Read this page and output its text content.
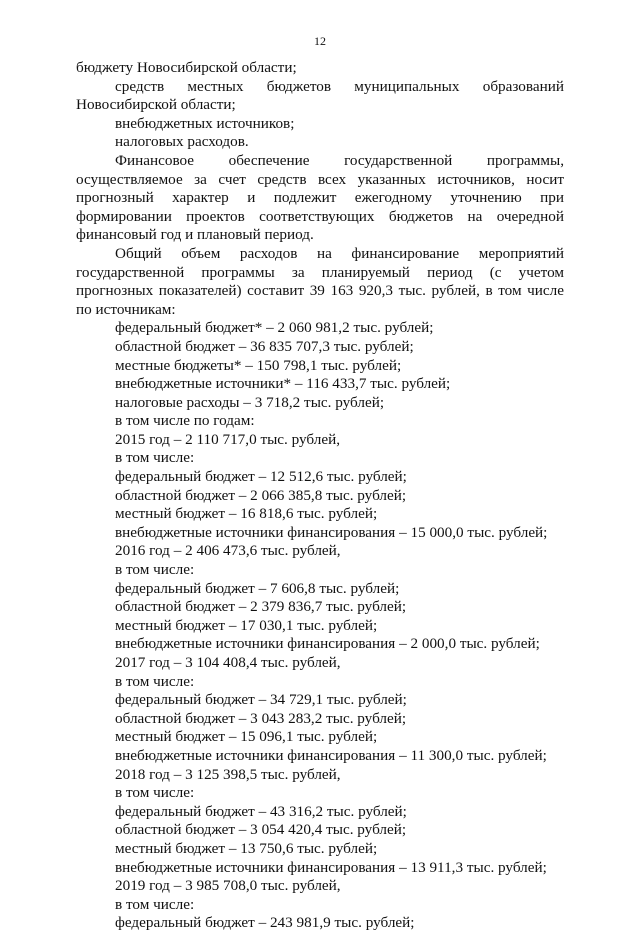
12

бюджету Новосибирской области;

средств местных бюджетов муниципальных образований Новосибирской области;

внебюджетных источников;

налоговых расходов.

Финансовое обеспечение государственной программы, осуществляемое за счет средств всех указанных источников, носит прогнозный характер и подлежит ежегодному уточнению при формировании проектов соответствующих бюджетов на очередной финансовый год и плановый период.

Общий объем расходов на финансирование мероприятий государственной программы за планируемый период (с учетом прогнозных показателей) составит 39 163 920,3 тыс. рублей, в том числе по источникам:

федеральный бюджет* – 2 060 981,2 тыс. рублей;

областной бюджет – 36 835 707,3 тыс. рублей;

местные бюджеты* – 150 798,1 тыс. рублей;

внебюджетные источники* – 116 433,7 тыс. рублей;

налоговые расходы – 3 718,2 тыс. рублей;

в том числе по годам:

2015 год – 2 110 717,0 тыс. рублей,

в том числе:

федеральный бюджет – 12 512,6 тыс. рублей;

областной бюджет – 2 066 385,8 тыс. рублей;

местный бюджет – 16 818,6 тыс. рублей;

внебюджетные источники финансирования – 15 000,0 тыс. рублей;

2016 год – 2 406 473,6 тыс. рублей,

в том числе:

федеральный бюджет – 7 606,8 тыс. рублей;

областной бюджет – 2 379 836,7 тыс. рублей;

местный бюджет – 17 030,1 тыс. рублей;

внебюджетные источники финансирования – 2 000,0 тыс. рублей;

2017 год – 3 104 408,4 тыс. рублей,

в том числе:

федеральный бюджет – 34 729,1 тыс. рублей;

областной бюджет – 3 043 283,2 тыс. рублей;

местный бюджет – 15 096,1 тыс. рублей;

внебюджетные источники финансирования – 11 300,0 тыс. рублей;

2018 год – 3 125 398,5 тыс. рублей,

в том числе:

федеральный бюджет – 43 316,2 тыс. рублей;

областной бюджет – 3 054 420,4 тыс. рублей;

местный бюджет – 13 750,6 тыс. рублей;

внебюджетные источники финансирования – 13 911,3 тыс. рублей;

2019 год – 3 985 708,0 тыс. рублей,

в том числе:

федеральный бюджет – 243 981,9 тыс. рублей;
